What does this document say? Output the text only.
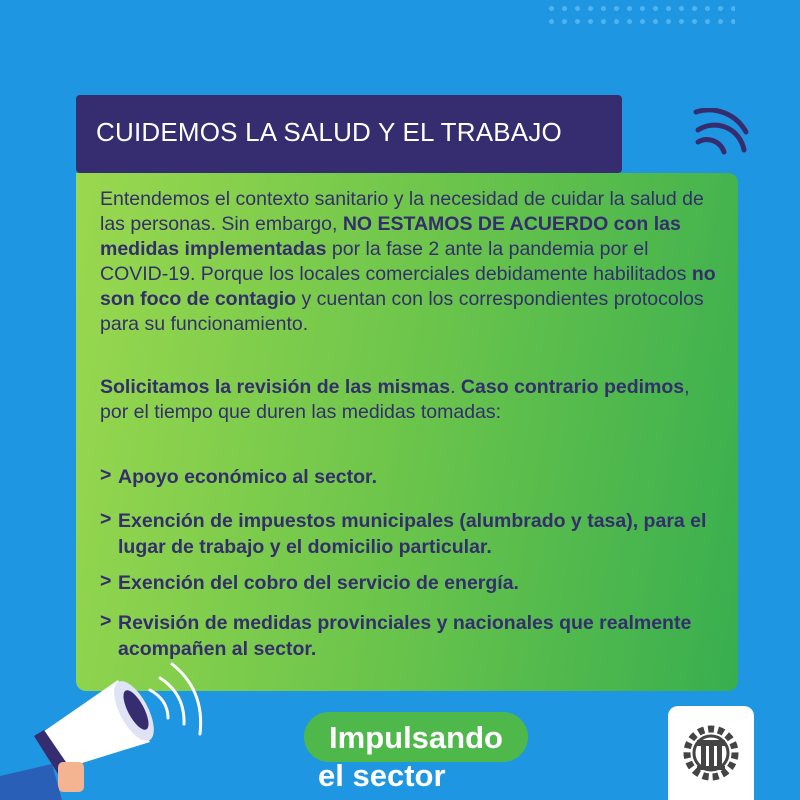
CUIDEMOS LA SALUD Y EL TRABAJO

Entendemos el contexto sanitario y la necesidad de cuidar la salud de las personas. Sin embargo, NO ESTAMOS DE ACUERDO con las medidas implementadas por la fase 2 ante la pandemia por el COVID-19. Porque los locales comerciales debidamente habilitados no son foco de contagio y cuentan con los correspondientes protocolos para su funcionamiento.

Solicitamos la revisión de las mismas. Caso contrario pedimos, por el tiempo que duren las medidas tomadas:

> Apoyo económico al sector.
> Exención de impuestos municipales (alumbrado y tasa), para el lugar de trabajo y el domicilio particular.
> Exención del cobro del servicio de energía.
> Revisión de medidas provinciales y nacionales que realmente acompañen al sector.
Impulsando
el sector
